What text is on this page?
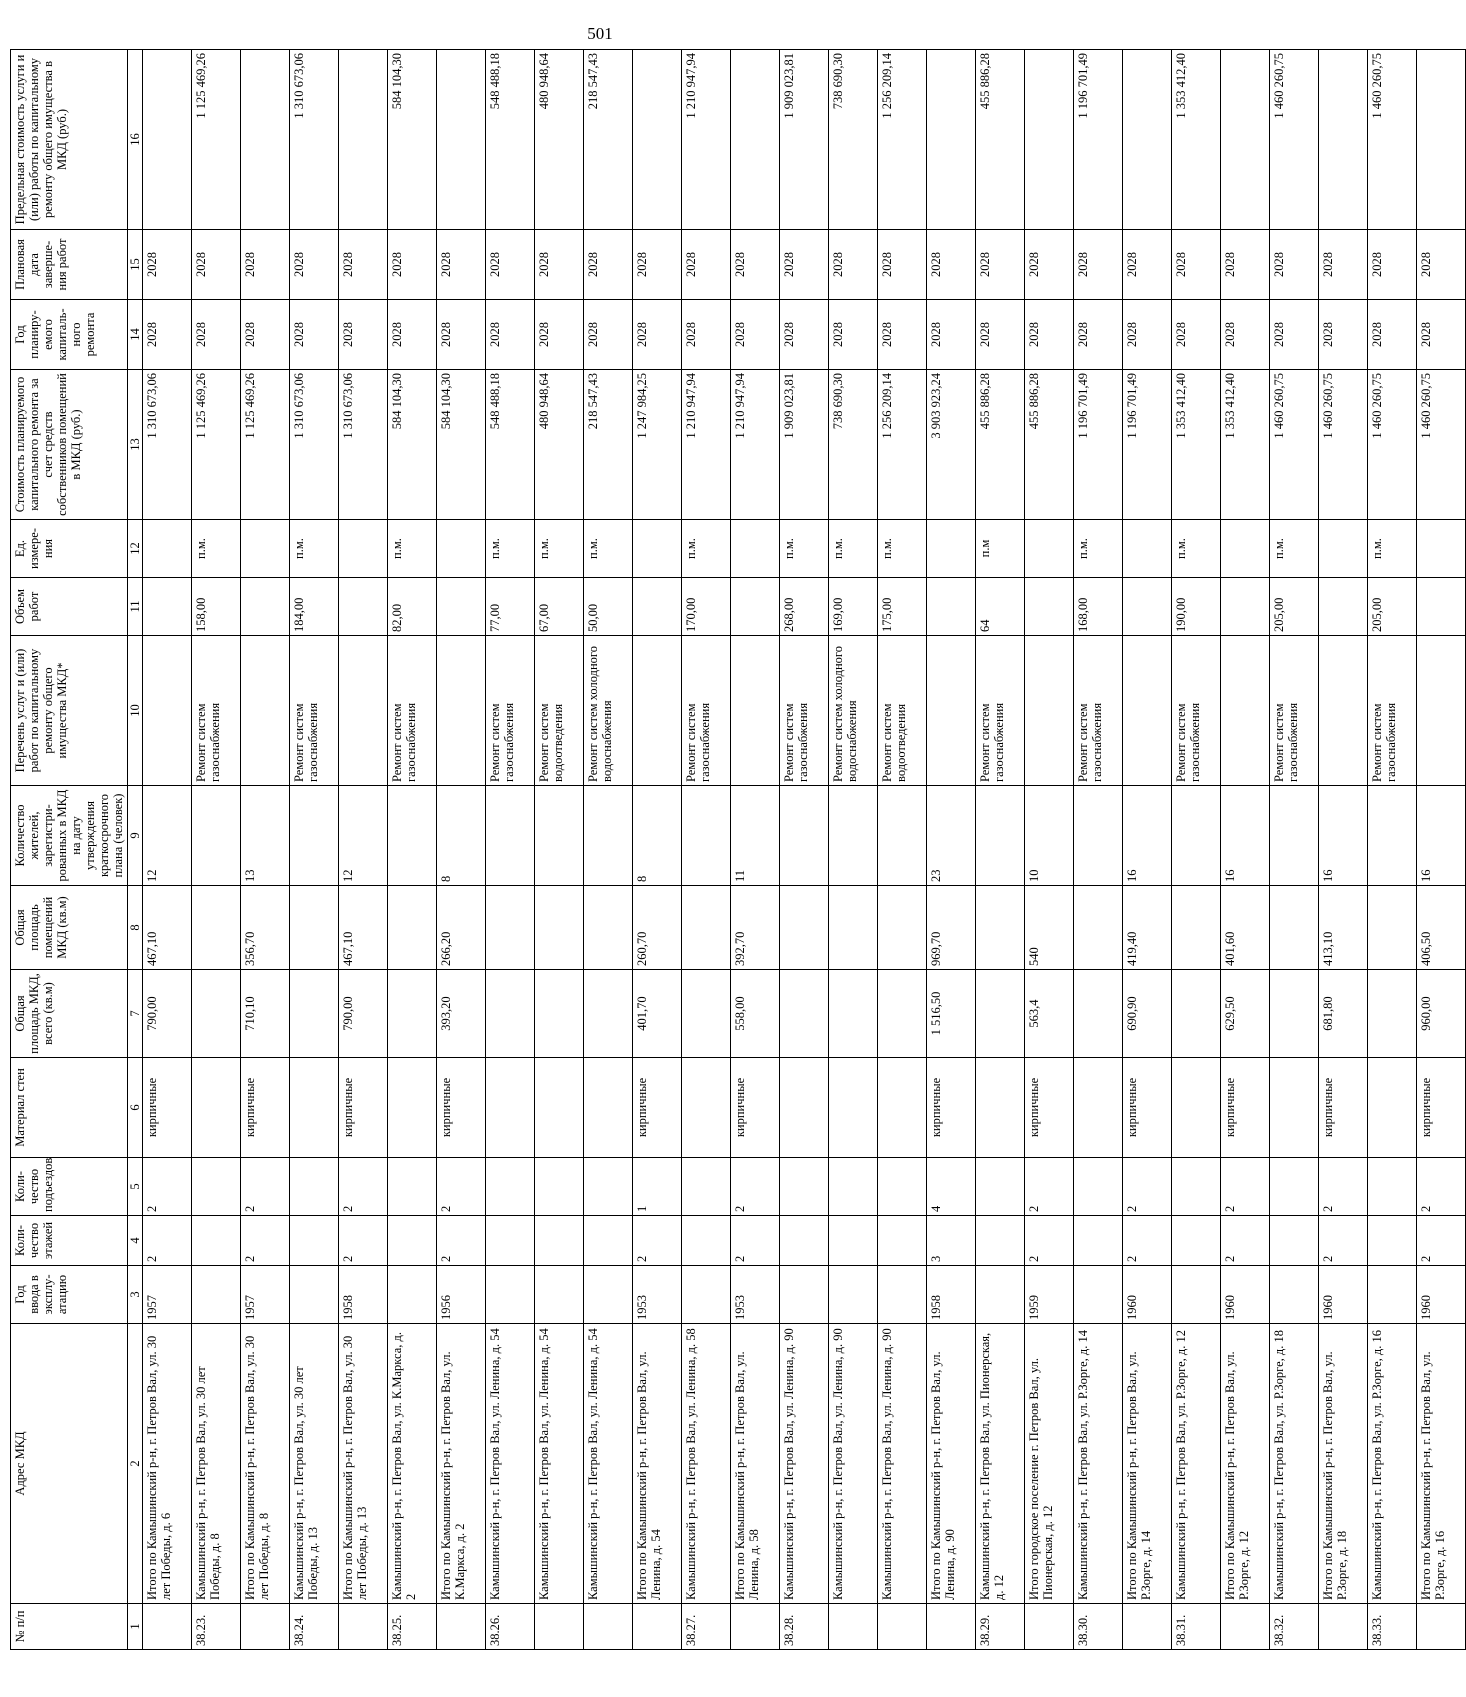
501
№ п/п	Адрес МКД	Год ввода в эксплу-атацию	Коли-чество этажей	Коли-чество подъездов	Материал стен	Общая площадь МКД, всего (кв.м)	Общая площадь помещений МКД (кв.м)	Количество жителей, зарегистри-рованных в МКД на дату утверждения краткосрочного плана (человек)	Перечень услуг и (или) работ по капитальному ремонту общего имущества МКД*	Объем работ	Ед. измере-ния	Стоимость планируемого капитального ремонта за счет средств собственников помещений в МКД (руб.)	Год планиру-емого капиталь-ного ремонта	Плановая дата заверше-ния работ	Предельная стоимость услуги и (или) работы по капитальному ремонту общего имущества в МКД (руб.)
1	2	3	4	5	6	7	8	9	10	11	12	13	14	15	16
	Итого по Камышинский р-н, г. Петров Вал, ул. 30 лет Победы, д. 6	1957	2	2	кирпичные	790,00	467,10	12				1 310 673,06	2028	2028	
38.23.	Камышинский р-н, г. Петров Вал, ул. 30 лет Победы, д. 8								Ремонт систем газоснабжения	158,00	п.м.	1 125 469,26	2028	2028	1 125 469,26
	Итого по Камышинский р-н, г. Петров Вал, ул. 30 лет Победы, д. 8	1957	2	2	кирпичные	710,10	356,70	13				1 125 469,26	2028	2028	
38.24.	Камышинский р-н, г. Петров Вал, ул. 30 лет Победы, д. 13								Ремонт систем газоснабжения	184,00	п.м.	1 310 673,06	2028	2028	1 310 673,06
	Итого по Камышинский р-н, г. Петров Вал, ул. 30 лет Победы, д. 13	1958	2	2	кирпичные	790,00	467,10	12				1 310 673,06	2028	2028	
38.25.	Камышинский р-н, г. Петров Вал, ул. К.Маркса, д. 2								Ремонт систем газоснабжения	82,00	п.м.	584 104,30	2028	2028	584 104,30
	Итого по Камышинский р-н, г. Петров Вал, ул. К.Маркса, д. 2	1956	2	2	кирпичные	393,20	266,20	8				584 104,30	2028	2028	
38.26.	Камышинский р-н, г. Петров Вал, ул. Ленина, д. 54								Ремонт систем газоснабжения	77,00	п.м.	548 488,18	2028	2028	548 488,18
	Камышинский р-н, г. Петров Вал, ул. Ленина, д. 54								Ремонт систем водоотведения	67,00	п.м.	480 948,64	2028	2028	480 948,64
	Камышинский р-н, г. Петров Вал, ул. Ленина, д. 54								Ремонт систем холодного водоснабжения	50,00	п.м.	218 547,43	2028	2028	218 547,43
	Итого по Камышинский р-н, г. Петров Вал, ул. Ленина, д. 54	1953	2	1	кирпичные	401,70	260,70	8				1 247 984,25	2028	2028	
38.27.	Камышинский р-н, г. Петров Вал, ул. Ленина, д. 58								Ремонт систем газоснабжения	170,00	п.м.	1 210 947,94	2028	2028	1 210 947,94
	Итого по Камышинский р-н, г. Петров Вал, ул. Ленина, д. 58	1953	2	2	кирпичные	558,00	392,70	11				1 210 947,94	2028	2028	
38.28.	Камышинский р-н, г. Петров Вал, ул. Ленина, д. 90								Ремонт систем газоснабжения	268,00	п.м.	1 909 023,81	2028	2028	1 909 023,81
	Камышинский р-н, г. Петров Вал, ул. Ленина, д. 90								Ремонт систем холодного водоснабжения	169,00	п.м.	738 690,30	2028	2028	738 690,30
	Камышинский р-н, г. Петров Вал, ул. Ленина, д. 90								Ремонт систем водоотведения	175,00	п.м.	1 256 209,14	2028	2028	1 256 209,14
	Итого по Камышинский р-н, г. Петров Вал, ул. Ленина, д. 90	1958	3	4	кирпичные	1 516,50	969,70	23				3 903 923,24	2028	2028	
38.29.	Камышинский р-н, г. Петров Вал, ул. Пионерская, д. 12								Ремонт систем газоснабжения	64	п.м	455 886,28	2028	2028	455 886,28
	Итого городское поселение г. Петров Вал, ул. Пионерская, д. 12	1959	2	2	кирпичные	563,4	540	10				455 886,28	2028	2028	
38.30.	Камышинский р-н, г. Петров Вал, ул. Р.Зорге, д. 14								Ремонт систем газоснабжения	168,00	п.м.	1 196 701,49	2028	2028	1 196 701,49
	Итого по Камышинский р-н, г. Петров Вал, ул. Р.Зорге, д. 14	1960	2	2	кирпичные	690,90	419,40	16				1 196 701,49	2028	2028	
38.31.	Камышинский р-н, г. Петров Вал, ул. Р.Зорге, д. 12								Ремонт систем газоснабжения	190,00	п.м.	1 353 412,40	2028	2028	1 353 412,40
	Итого по Камышинский р-н, г. Петров Вал, ул. Р.Зорге, д. 12	1960	2	2	кирпичные	629,50	401,60	16				1 353 412,40	2028	2028	
38.32.	Камышинский р-н, г. Петров Вал, ул. Р.Зорге, д. 18								Ремонт систем газоснабжения	205,00	п.м.	1 460 260,75	2028	2028	1 460 260,75
	Итого по Камышинский р-н, г. Петров Вал, ул. Р.Зорге, д. 18	1960	2	2	кирпичные	681,80	413,10	16				1 460 260,75	2028	2028	
38.33.	Камышинский р-н, г. Петров Вал, ул. Р.Зорге, д. 16								Ремонт систем газоснабжения	205,00	п.м.	1 460 260,75	2028	2028	1 460 260,75
	Итого по Камышинский р-н, г. Петров Вал, ул. Р.Зорге, д. 16	1960	2	2	кирпичные	960,00	406,50	16				1 460 260,75	2028	2028	
